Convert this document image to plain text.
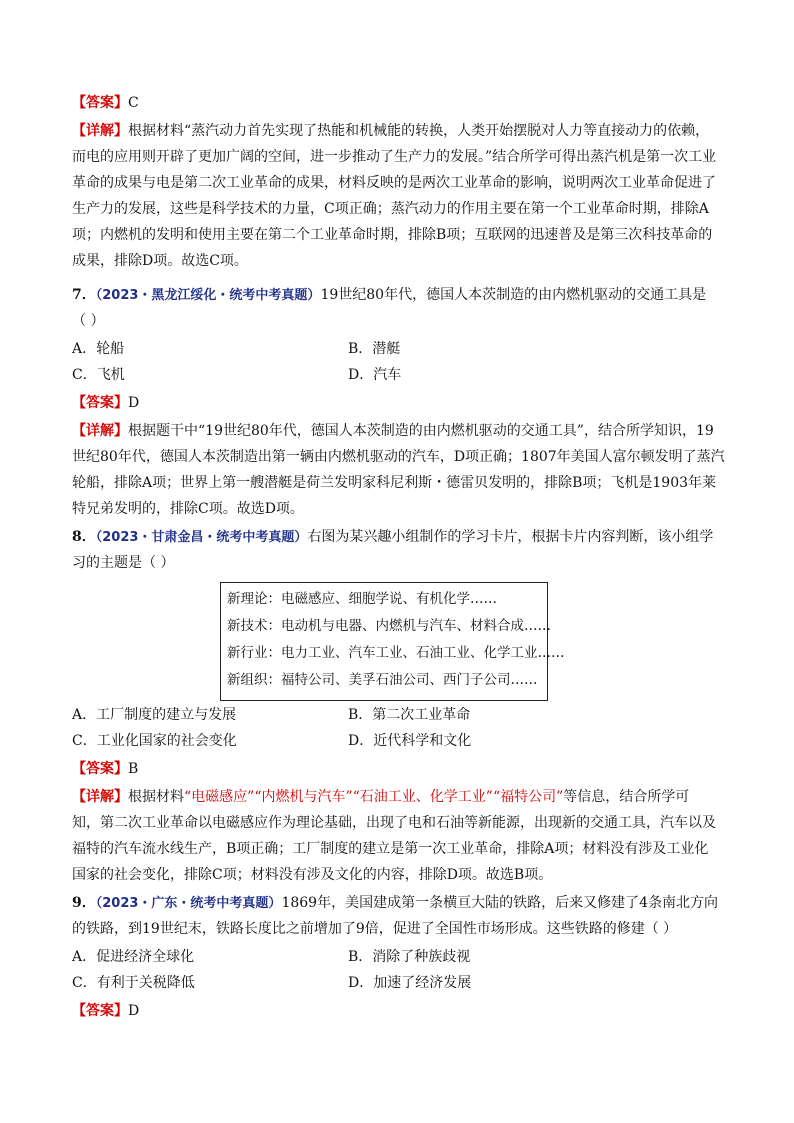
【答案】C
【详解】根据材料“蒸汽动力首先实现了热能和机械能的转换，人类开始摆脱对人力等直接动力的依赖，
而电的应用则开辟了更加广阔的空间，进一步推动了生产力的发展。”结合所学可得出蒸汽机是第一次工业
革命的成果与电是第二次工业革命的成果，材料反映的是两次工业革命的影响，说明两次工业革命促进了
生产力的发展，这些是科学技术的力量，C项正确；蒸汽动力的作用主要在第一个工业革命时期，排除A
项；内燃机的发明和使用主要在第二个工业革命时期，排除B项；互联网的迅速普及是第三次科技革命的
成果，排除D项。故选C项。
7．（2023・黑龙江绥化・统考中考真题）19世纪80年代，德国人本茨制造的由内燃机驱动的交通工具是
（ ）
A．轮船	B．潜艇
C．飞机	D．汽车
【答案】D
【详解】根据题干中“19世纪80年代，德国人本茨制造的由内燃机驱动的交通工具”，结合所学知识，19
世纪80年代，德国人本茨制造出第一辆由内燃机驱动的汽车，D项正确；1807年美国人富尔顿发明了蒸汽
轮船，排除A项；世界上第一艘潜艇是荷兰发明家科尼利斯・德雷贝发明的，排除B项；飞机是1903年莱
特兄弟发明的，排除C项。故选D项。
8．（2023・甘肃金昌・统考中考真题）右图为某兴趣小组制作的学习卡片，根据卡片内容判断，该小组学
习的主题是（ ）
新理论：电磁感应、细胞学说、有机化学……
新技术：电动机与电器、内燃机与汽车、材料合成……
新行业：电力工业、汽车工业、石油工业、化学工业……
新组织：福特公司、美孚石油公司、西门子公司……
A．工厂制度的建立与发展	B．第二次工业革命
C．工业化国家的社会变化	D．近代科学和文化
【答案】B
【详解】根据材料“电磁感应”“内燃机与汽车”“石油工业、化学工业”“福特公司”等信息，结合所学可
知，第二次工业革命以电磁感应作为理论基础，出现了电和石油等新能源，出现新的交通工具，汽车以及
福特的汽车流水线生产，B项正确；工厂制度的建立是第一次工业革命，排除A项；材料没有涉及工业化
国家的社会变化，排除C项；材料没有涉及文化的内容，排除D项。故选B项。
9．（2023・广东・统考中考真题）1869年，美国建成第一条横亘大陆的铁路，后来又修建了4条南北方向
的铁路，到19世纪末，铁路长度比之前增加了9倍，促进了全国性市场形成。这些铁路的修建（ ）
A．促进经济全球化	B．消除了种族歧视
C．有利于关税降低	D．加速了经济发展
【答案】D
